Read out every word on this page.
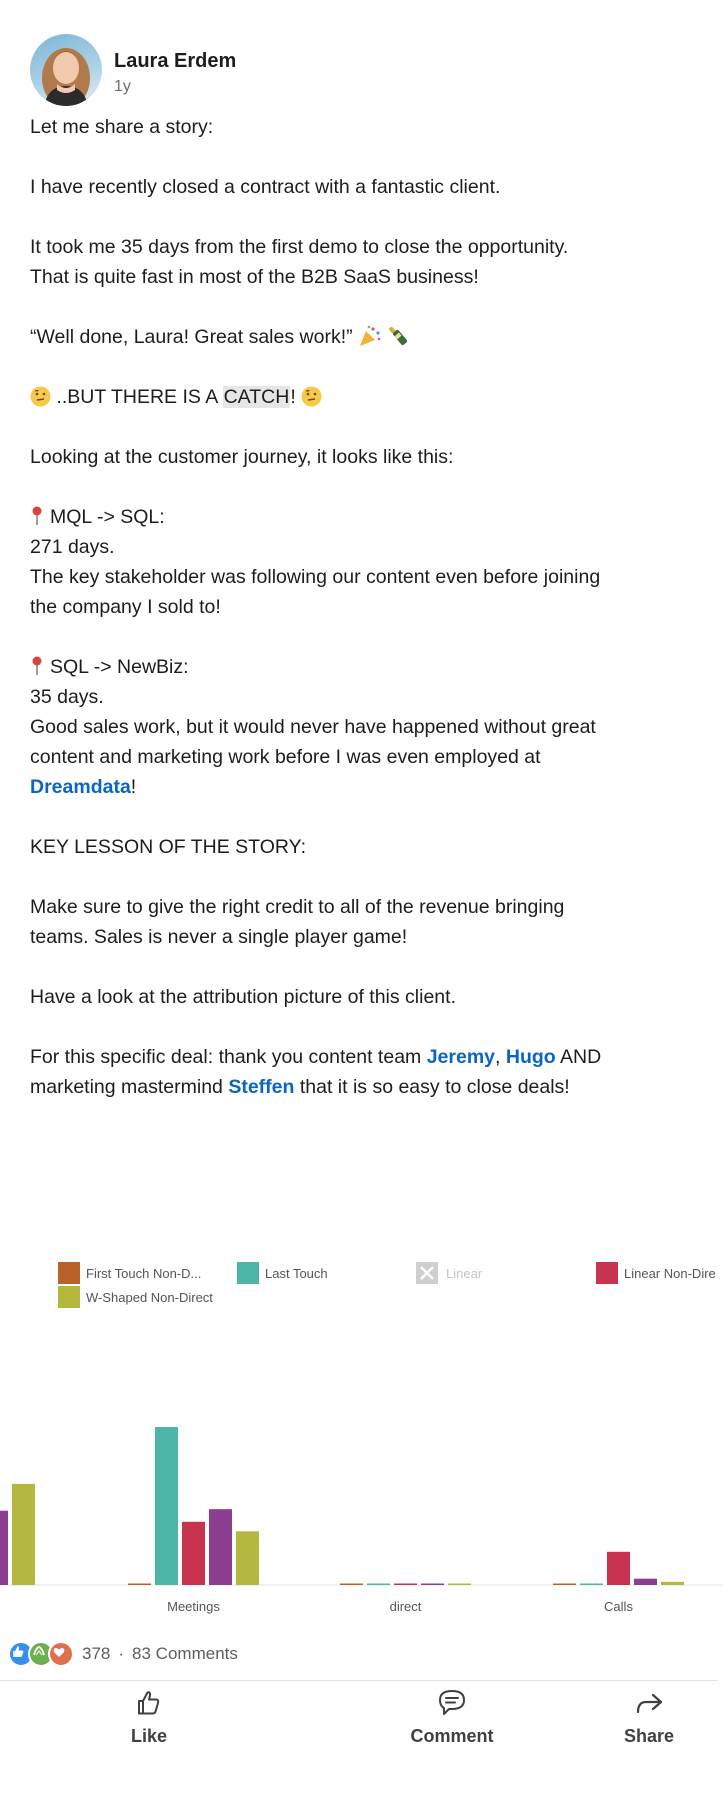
Laura Erdem
1y

Let me share a story:

I have recently closed a contract with a fantastic client.

It took me 35 days from the first demo to close the opportunity.
That is quite fast in most of the B2B SaaS business!

“Well done, Laura! Great sales work!”

..BUT THERE IS A CATCH!

Looking at the customer journey, it looks like this:

MQL -> SQL:
271 days.
The key stakeholder was following our content even before joining
the company I sold to!

SQL -> NewBiz:
35 days.
Good sales work, but it would never have happened without great
content and marketing work before I was even employed at
Dreamdata!

KEY LESSON OF THE STORY:

Make sure to give the right credit to all of the revenue bringing
teams. Sales is never a single player game!

Have a look at the attribution picture of this client.

For this specific deal: thank you content team Jeremy, Hugo AND
marketing mastermind Steffen that it is so easy to close deals!

First Touch Non-D...	Last Touch	Linear	Linear Non-Dire
W-Shaped Non-Direct
Meetings	direct	Calls
378 · 83 Comments
Like	Comment	Share
